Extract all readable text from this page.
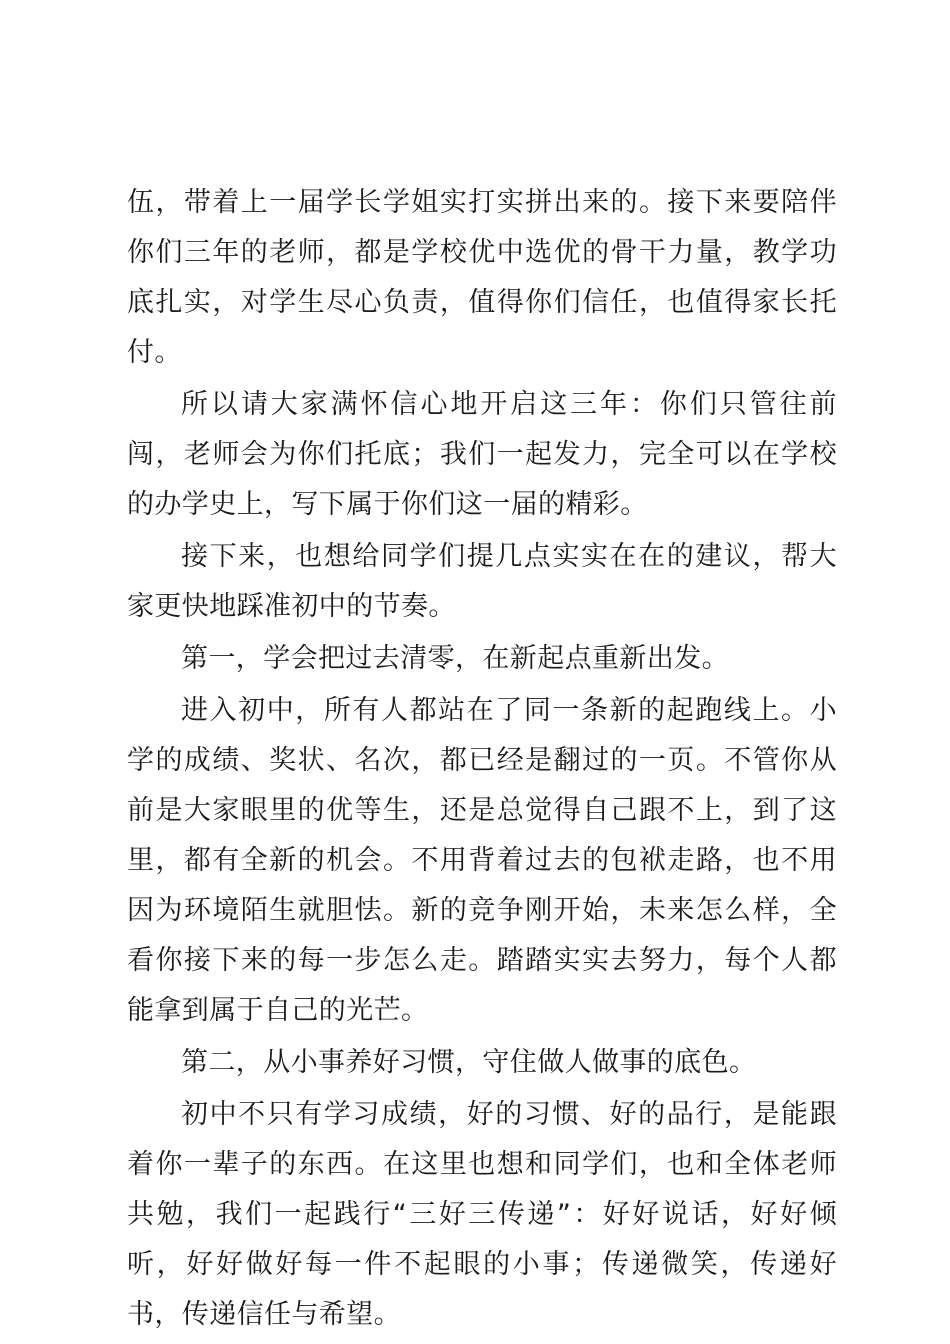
伍，带着上一届学长学姐实打实拼出来的。接下来要陪伴你们三年的老师，都是学校优中选优的骨干力量，教学功底扎实，对学生尽心负责，值得你们信任，也值得家长托付。

所以请大家满怀信心地开启这三年：你们只管往前闯，老师会为你们托底；我们一起发力，完全可以在学校的办学史上，写下属于你们这一届的精彩。

接下来，也想给同学们提几点实实在在的建议，帮大家更快地踩准初中的节奏。

第一，学会把过去清零，在新起点重新出发。

进入初中，所有人都站在了同一条新的起跑线上。小学的成绩、奖状、名次，都已经是翻过的一页。不管你从前是大家眼里的优等生，还是总觉得自己跟不上，到了这里，都有全新的机会。不用背着过去的包袱走路，也不用因为环境陌生就胆怯。新的竞争刚开始，未来怎么样，全看你接下来的每一步怎么走。踏踏实实去努力，每个人都能拿到属于自己的光芒。

第二，从小事养好习惯，守住做人做事的底色。

初中不只有学习成绩，好的习惯、好的品行，是能跟着你一辈子的东西。在这里也想和同学们，也和全体老师共勉，我们一起践行“三好三传递”：好好说话，好好倾听，好好做好每一件不起眼的小事；传递微笑，传递好书，传递信任与希望。
